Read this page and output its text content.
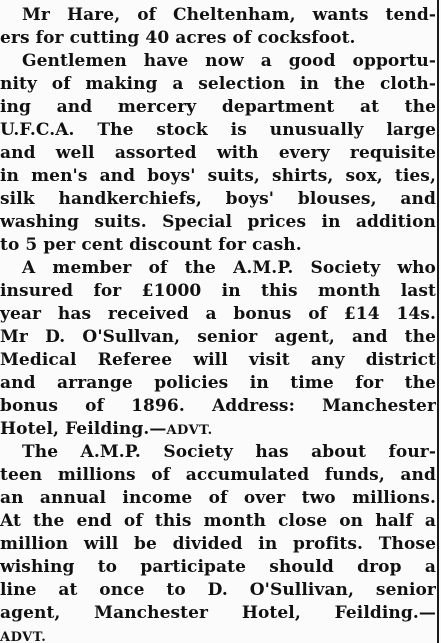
Mr Hare, of Cheltenham, wants tend-
ers for cutting 40 acres of cocksfoot.
Gentlemen have now a good opportu-
nity of making a selection in the cloth-
ing and mercery department at the
U.F.C.A. The stock is unusually large
and well assorted with every requisite
in men's and boys' suits, shirts, sox, ties,
silk handkerchiefs, boys' blouses, and
washing suits. Special prices in addition
to 5 per cent discount for cash.
A member of the A.M.P. Society who
insured for £1000 in this month last
year has received a bonus of £14 14s.
Mr D. O'Sullvan, senior agent, and the
Medical Referee will visit any district
and arrange policies in time for the
bonus of 1896. Address: Manchester
Hotel, Feilding.—ADVT.
The A.M.P. Society has about four-
teen millions of accumulated funds, and
an annual income of over two millions.
At the end of this month close on half a
million will be divided in profits. Those
wishing to participate should drop a
line at once to D. O'Sullivan, senior
agent, Manchester Hotel, Feilding.—
ADVT.
